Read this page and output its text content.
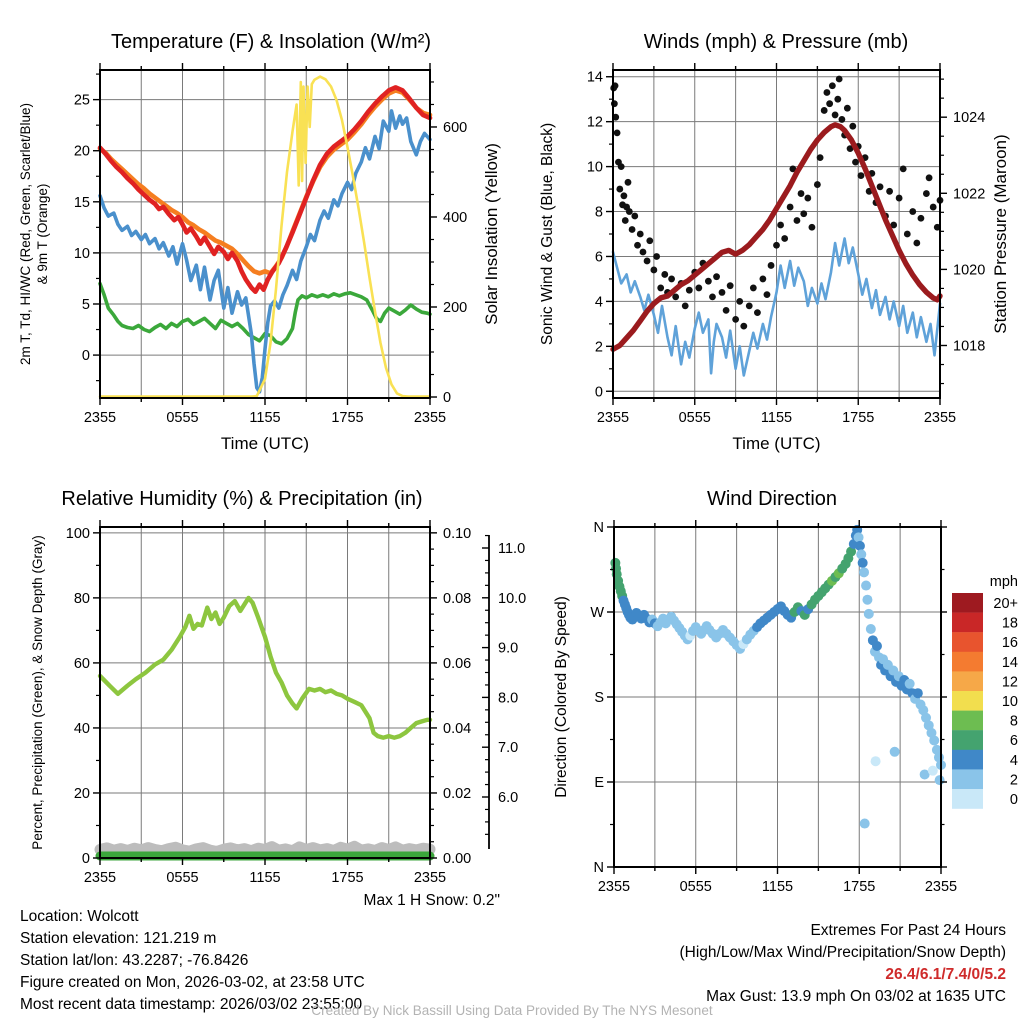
2355	0555	1155	1755	2355
0
5
10
15
20
25
0
200
400
600
Temperature (F) & Insolation (W/m²)
Time (UTC)
2m T, Td, HI/WC (Red, Green, Scarlet/Blue) & 9m T (Orange)	Solar Insolation (Yellow)
2355	0555	1155	1755	2355
0
2
4
6
8
10
12
14
1018
1020
1022
1024
Winds (mph) & Pressure (mb)
Time (UTC)
Sonic Wind & Gust (Blue, Black)	Station Pressure (Maroon)
2355	0555	1155	1755	2355
0
20
40
60
80
100
0.00
0.02
0.04
0.06
0.08
0.10
Relative Humidity (%) & Precipitation (in)
Percent, Precipitation (Green), & Snow Depth (Gray)	6.0
7.0
8.0
9.0
10.0
11.0
2355	0555	1155	1755	2355
N
W
S
E
N
Wind Direction
Direction (Colored By Speed)
mph
20+
18
16
14
12
10
8
6
4
2
0
Location: Wolcott
Station elevation: 121.219 m
Station lat/lon: 43.2287; -76.8426
Figure created on Mon, 2026-03-02, at 23:58 UTC
Most recent data timestamp: 2026/03/02 23:55:00
Max 1 H Snow: 0.2"
Extremes For Past 24 Hours
(High/Low/Max Wind/Precipitation/Snow Depth)
26.4/6.1/7.4/0/5.2
Max Gust: 13.9 mph On 03/02 at 1635 UTC
Created By Nick Bassill Using Data Provided By The NYS Mesonet
